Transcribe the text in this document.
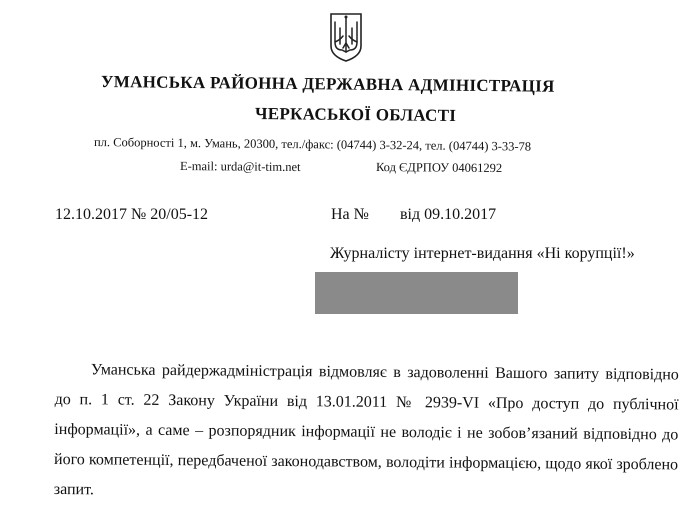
УМАНСЬКА РАЙОННА ДЕРЖАВНА АДМІНІСТРАЦІЯ
ЧЕРКАСЬКОЇ ОБЛАСТІ
пл. Соборності 1, м. Умань, 20300, тел./факс: (04744) 3-32-24, тел. (04744) 3-33-78
E-mail: urda@it-tim.net	Код ЄДРПОУ 04061292
12.10.2017 № 20/05-12	На № від 09.10.2017
Журналісту інтернет-видання «Ні корупції!»
Уманська райдержадміністрація відмовляє в задоволенні Вашого запиту відповідно до п. 1 ст. 22 Закону України від 13.01.2011 № 2939-VI «Про доступ до публічної інформації», а саме – розпорядник інформації не володіє і не зобов’язаний відповідно до його компетенції, передбаченої законодавством, володіти інформацією, щодо якої зроблено запит.
